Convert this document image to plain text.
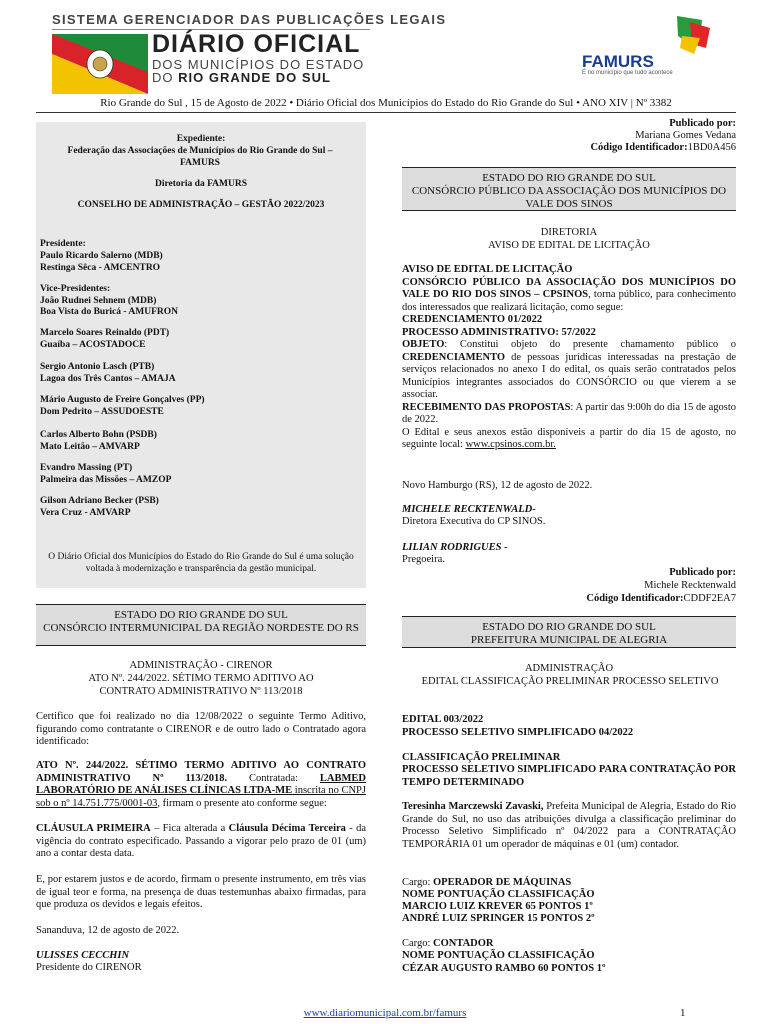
SISTEMA GERENCIADOR DAS PUBLICAÇÕES LEGAIS
DIÁRIO OFICIAL
DOS MUNICÍPIOS DO ESTADO
DO RIO GRANDE DO SUL
FAMURS
É no município que tudo acontece
Rio Grande do Sul , 15 de Agosto de 2022 • Diário Oficial dos Municípios do Estado do Rio Grande do Sul • ANO XIV | Nº 3382
Expediente:
Federação das Associações de Municípios do Rio Grande do Sul – FAMURS
Diretoria da FAMURS
CONSELHO DE ADMINISTRAÇÃO – GESTÃO 2022/2023
Presidente:
Paulo Ricardo Salerno (MDB)
Restinga Sêca - AMCENTRO
Vice-Presidentes:
João Rudnei Sehnem (MDB)
Boa Vista do Buricá - AMUFRON
Marcelo Soares Reinaldo (PDT)
Guaíba – ACOSTADOCE
Sergio Antonio Lasch (PTB)
Lagoa dos Três Cantos – AMAJA
Mário Augusto de Freire Gonçalves (PP)
Dom Pedrito – ASSUDOESTE
Carlos Alberto Bohn (PSDB)
Mato Leitão – AMVARP
Evandro Massing (PT)
Palmeira das Missões – AMZOP
Gilson Adriano Becker (PSB)
Vera Cruz - AMVARP
O Diário Oficial dos Municípios do Estado do Rio Grande do Sul é uma solução voltada à modernização e transparência da gestão municipal.
ESTADO DO RIO GRANDE DO SUL
CONSÓRCIO INTERMUNICIPAL DA REGIÃO NORDESTE DO RS
ADMINISTRAÇÃO - CIRENOR
ATO Nº. 244/2022. SÉTIMO TERMO ADITIVO AO
CONTRATO ADMINISTRATIVO Nº 113/2018
Certifico que foi realizado no dia 12/08/2022 o seguinte Termo Aditivo, figurando como contratante o CIRENOR e de outro lado o Contratado agora identificado:
ATO Nº. 244/2022. SÉTIMO TERMO ADITIVO AO CONTRATO ADMINISTRATIVO Nº 113/2018. Contratada: LABMED LABORATÓRIO DE ANÁLISES CLÍNICAS LTDA-ME inscrita no CNPJ sob o nº 14.751.775/0001-03, firmam o presente ato conforme segue:
CLÁUSULA PRIMEIRA – Fica alterada a Cláusula Décima Terceira - da vigência do contrato especificado. Passando a vigorar pelo prazo de 01 (um) ano a contar desta data.
E, por estarem justos e de acordo, firmam o presente instrumento, em três vias de igual teor e forma, na presença de duas testemunhas abaixo firmadas, para que produza os devidos e legais efeitos.
Sananduva, 12 de agosto de 2022.
ULISSES CECCHIN
Presidente do CIRENOR
Publicado por:
Mariana Gomes Vedana
Código Identificador:1BD0A456
ESTADO DO RIO GRANDE DO SUL
CONSÓRCIO PÚBLICO DA ASSOCIAÇÃO DOS MUNICÍPIOS DO VALE DOS SINOS
DIRETORIA
AVISO DE EDITAL DE LICITAÇÃO
AVISO DE EDITAL DE LICITAÇÃO
CONSÓRCIO PÚBLICO DA ASSOCIAÇÃO DOS MUNICÍPIOS DO VALE DO RIO DOS SINOS – CPSINOS, torna público, para conhecimento dos interessados que realizará licitação, como segue:
CREDENCIAMENTO 01/2022
PROCESSO ADMINISTRATIVO: 57/2022
OBJETO: Constitui objeto do presente chamamento público o CREDENCIAMENTO de pessoas jurídicas interessadas na prestação de serviços relacionados no anexo I do edital, os quais serão contratados pelos Municípios integrantes associados do CONSÓRCIO ou que vierem a se associar.
RECEBIMENTO DAS PROPOSTAS: A partir das 9:00h do dia 15 de agosto de 2022.
O Edital e seus anexos estão disponíveis a partir do dia 15 de agosto, no seguinte local: www.cpsinos.com.br.
Novo Hamburgo (RS), 12 de agosto de 2022.
MICHELE RECKTENWALD-
Diretora Executiva do CP SINOS.
LILIAN RODRIGUES -
Pregoeira.
Publicado por:
Michele Recktenwald
Código Identificador:CDDF2EA7
ESTADO DO RIO GRANDE DO SUL
PREFEITURA MUNICIPAL DE ALEGRIA
ADMINISTRAÇÃO
EDITAL CLASSIFICAÇÃO PRELIMINAR PROCESSO SELETIVO
EDITAL 003/2022
PROCESSO SELETIVO SIMPLIFICADO 04/2022
CLASSIFICAÇÃO PRELIMINAR
PROCESSO SELETIVO SIMPLIFICADO PARA CONTRATAÇÃO POR TEMPO DETERMINADO
Teresinha Marczewski Zavaski, Prefeita Municipal de Alegria, Estado do Rio Grande do Sul, no uso das atribuições divulga a classificação preliminar do Processo Seletivo Simplificado nº 04/2022 para a CONTRATAÇÃO TEMPORÁRIA 01 um operador de máquinas e 01 (um) contador.
Cargo: OPERADOR DE MÁQUINAS
NOME PONTUAÇÃO CLASSIFICAÇÃO
MARCIO LUIZ KREVER 65 PONTOS 1º
ANDRÉ LUIZ SPRINGER 15 PONTOS 2º
Cargo: CONTADOR
NOME PONTUAÇÃO CLASSIFICAÇÃO
CÉZAR AUGUSTO RAMBO 60 PONTOS 1º
www.diariomunicipal.com.br/famurs	1
